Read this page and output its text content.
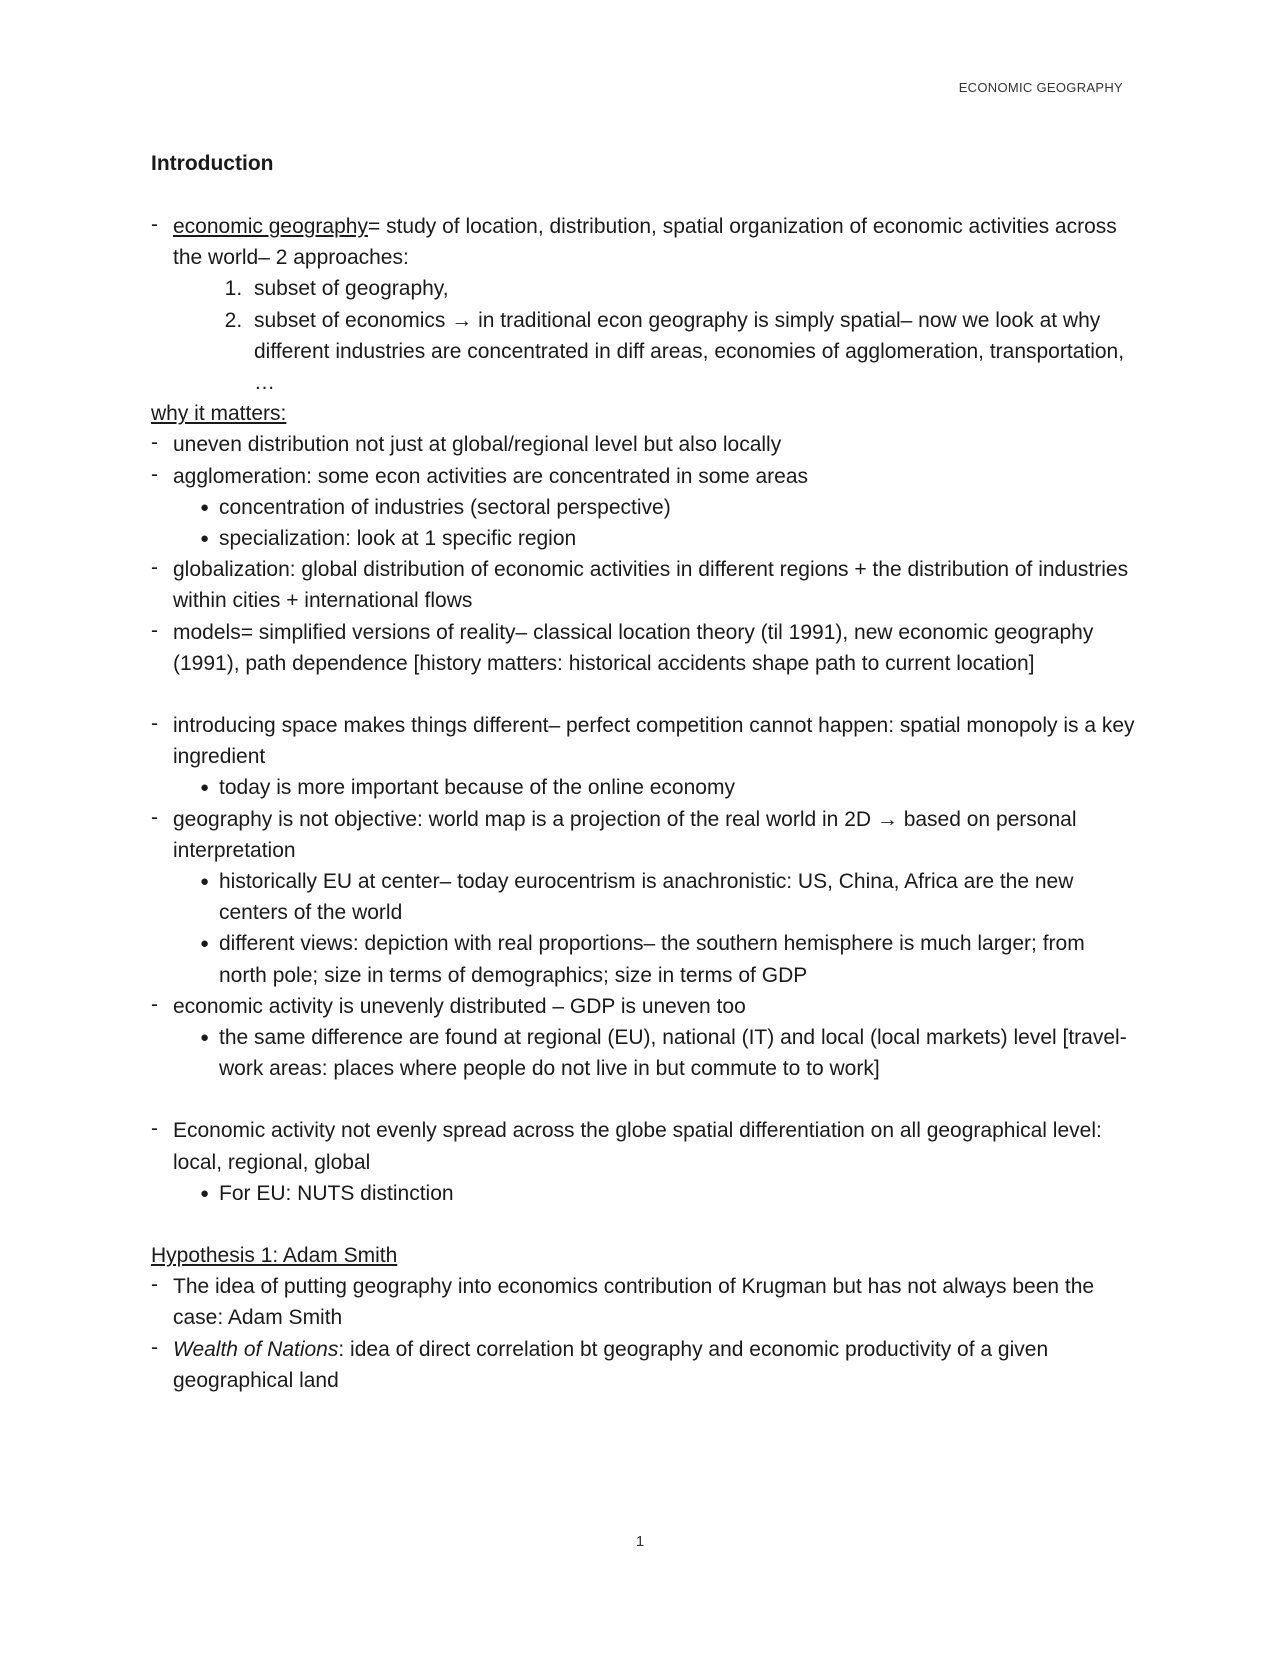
ECONOMIC GEOGRAPHY
Introduction
- economic geography= study of location, distribution, spatial organization of economic activities across the world– 2 approaches:
1. subset of geography,
2. subset of economics → in traditional econ geography is simply spatial– now we look at why different industries are concentrated in diff areas, economies of agglomeration, transportation, …
why it matters:
- uneven distribution not just at global/regional level but also locally
- agglomeration: some econ activities are concentrated in some areas
● concentration of industries (sectoral perspective)
● specialization: look at 1 specific region
- globalization: global distribution of economic activities in different regions + the distribution of industries within cities + international flows
- models= simplified versions of reality– classical location theory (til 1991), new economic geography (1991), path dependence [history matters: historical accidents shape path to current location]
- introducing space makes things different– perfect competition cannot happen: spatial monopoly is a key ingredient
● today is more important because of the online economy
- geography is not objective: world map is a projection of the real world in 2D → based on personal interpretation
● historically EU at center– today eurocentrism is anachronistic: US, China, Africa are the new centers of the world
● different views: depiction with real proportions– the southern hemisphere is much larger; from north pole; size in terms of demographics; size in terms of GDP
- economic activity is unevenly distributed – GDP is uneven too
● the same difference are found at regional (EU), national (IT) and local (local markets) level [travel-work areas: places where people do not live in but commute to to work]
- Economic activity not evenly spread across the globe spatial differentiation on all geographical level: local, regional, global
● For EU: NUTS distinction
Hypothesis 1: Adam Smith
- The idea of putting geography into economics contribution of Krugman but has not always been the case: Adam Smith
- Wealth of Nations: idea of direct correlation bt geography and economic productivity of a given geographical land
1
